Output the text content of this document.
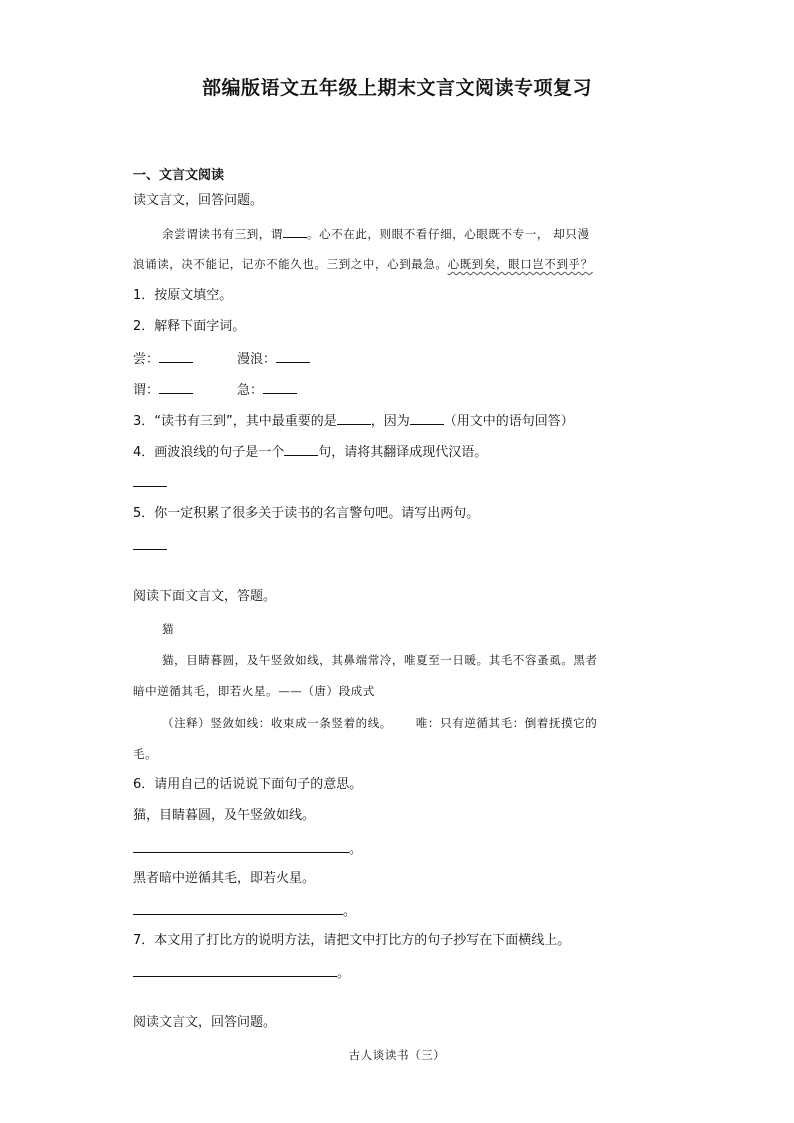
部编版语文五年级上期末文言文阅读专项复习
一、文言文阅读
读文言文，回答问题。
余尝谓读书有三到，谓 。心不在此，则眼不看仔细，心眼既不专一， 却只漫
浪诵读，决不能记，记亦不能久也。三到之中，心到最急。心既到矣，眼口岂不到乎？
1．按原文填空。
2．解释下面字词。
尝：	漫浪：
谓：	急：
3．“读书有三到”，其中最重要的是	，因为	（用文中的语句回答）
4．画波浪线的句子是一个	句，请将其翻译成现代汉语。
5．你一定积累了很多关于读书的名言警句吧。请写出两句。
阅读下面文言文，答题。
猫
猫，目睛暮圆，及午竖敛如线，其鼻端常冷，唯夏至一日暖。其毛不容蚤虱。黑者
暗中逆循其毛，即若火星。——（唐）段成式
（注释）竖敛如线：收束成一条竖着的线。 唯：只有逆循其毛：倒着抚摸它的
毛。
6．请用自己的话说说下面句子的意思。
猫，目睛暮圆，及午竖敛如线。
。
黑者暗中逆循其毛，即若火星。
。
7．本文用了打比方的说明方法，请把文中打比方的句子抄写在下面横线上。
。
阅读文言文，回答问题。
古人谈读书（三）
